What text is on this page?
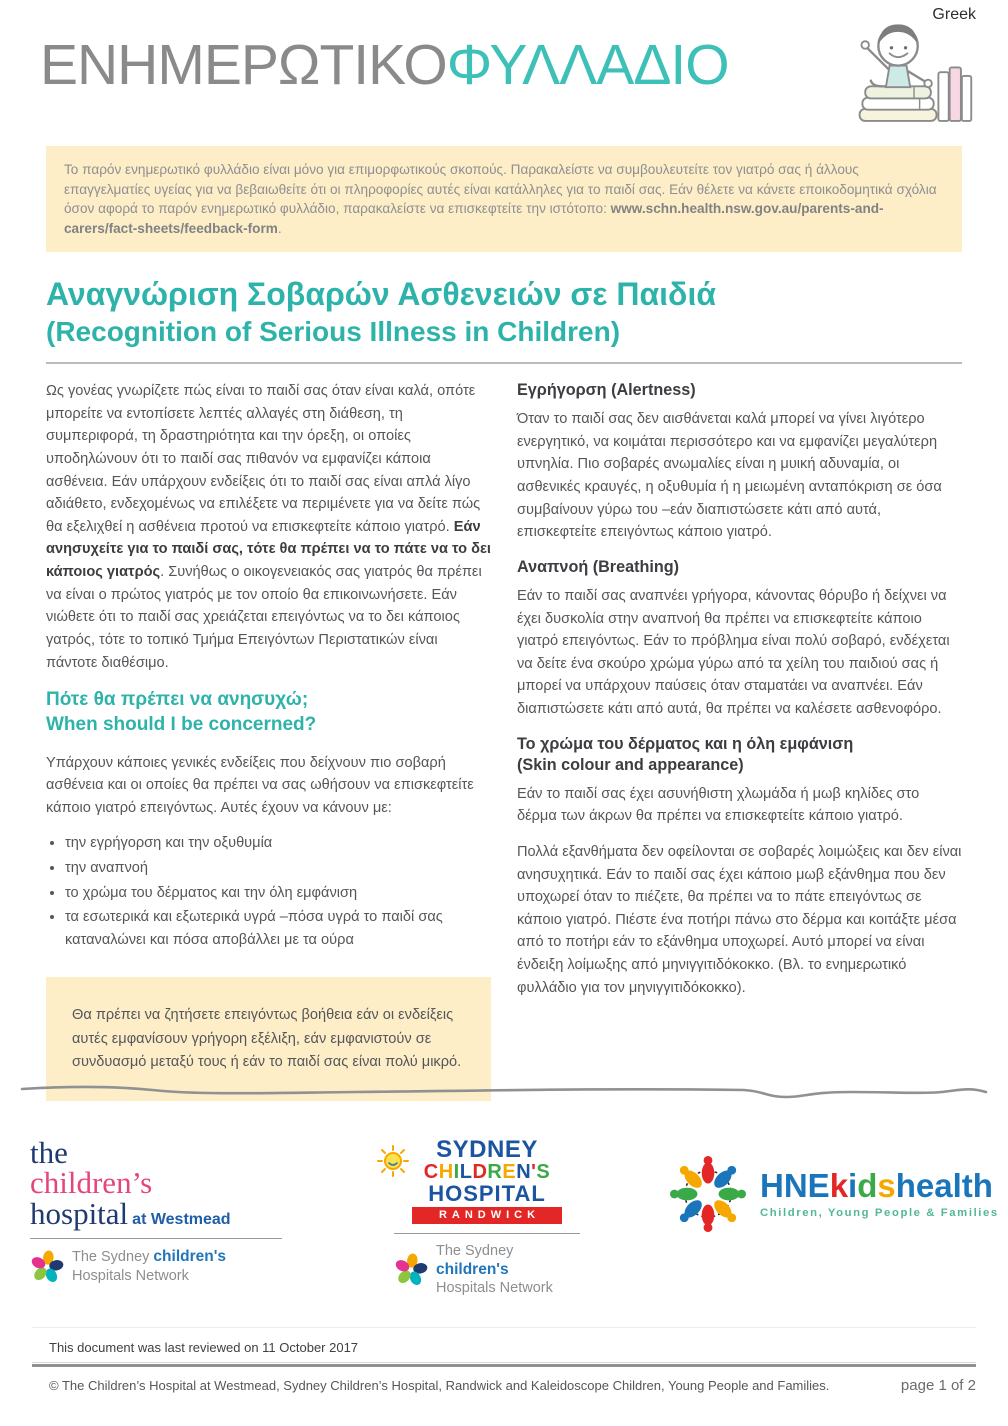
Greek
ΕΝΗΜΕΡΩΤΙΚΟΦΥΛΛΑΔΙΟ
Το παρόν ενημερωτικό φυλλάδιο είναι μόνο για επιμορφωτικούς σκοπούς. Παρακαλείστε να συμβουλευτείτε τον γιατρό σας ή άλλους επαγγελματίες υγείας για να βεβαιωθείτε ότι οι πληροφορίες αυτές είναι κατάλληλες για το παιδί σας. Εάν θέλετε να κάνετε εποικοδομητικά σχόλια όσον αφορά το παρόν ενημερωτικό φυλλάδιο, παρακαλείστε να επισκεφτείτε την ιστότοπο: www.schn.health.nsw.gov.au/parents-and-carers/fact-sheets/feedback-form.
Αναγνώριση Σοβαρών Ασθενειών σε Παιδιά
(Recognition of Serious Illness in Children)

Ως γονέας γνωρίζετε πώς είναι το παιδί σας όταν είναι καλά, οπότε μπορείτε να εντοπίσετε λεπτές αλλαγές στη διάθεση, τη συμπεριφορά, τη δραστηριότητα και την όρεξη, οι οποίες υποδηλώνουν ότι το παιδί σας πιθανόν να εμφανίζει κάποια ασθένεια. Εάν υπάρχουν ενδείξεις ότι το παιδί σας είναι απλά λίγο αδιάθετο, ενδεχομένως να επιλέξετε να περιμένετε για να δείτε πώς θα εξελιχθεί η ασθένεια προτού να επισκεφτείτε κάποιο γιατρό. Εάν ανησυχείτε για το παιδί σας, τότε θα πρέπει να το πάτε να το δει κάποιος γιατρός. Συνήθως ο οικογενειακός σας γιατρός θα πρέπει να είναι ο πρώτος γιατρός με τον οποίο θα επικοινωνήσετε. Εάν νιώθετε ότι το παιδί σας χρειάζεται επειγόντως να το δει κάποιος γατρός, τότε το τοπικό Τμήμα Επειγόντων Περιστατικών είναι πάντοτε διαθέσιμο.

Πότε θα πρέπει να ανησυχώ;
When should I be concerned?

Υπάρχουν κάποιες γενικές ενδείξεις που δείχνουν πιο σοβαρή ασθένεια και οι οποίες θα πρέπει να σας ωθήσουν να επισκεφτείτε κάποιο γιατρό επειγόντως. Αυτές έχουν να κάνουν με:

• την εγρήγορση και την οξυθυμία
• την αναπνοή
• το χρώμα του δέρματος και την όλη εμφάνιση
• τα εσωτερικά και εξωτερικά υγρά –πόσα υγρά το παιδί σας καταναλώνει και πόσα αποβάλλει με τα ούρα
Θα πρέπει να ζητήσετε επειγόντως βοήθεια εάν οι ενδείξεις αυτές εμφανίσουν γρήγορη εξέλιξη, εάν εμφανιστούν σε συνδυασμό μεταξύ τους ή εάν το παιδί σας είναι πολύ μικρό.
Εγρήγορση (Alertness)

Όταν το παιδί σας δεν αισθάνεται καλά μπορεί να γίνει λιγότερο ενεργητικό, να κοιμάται περισσότερο και να εμφανίζει μεγαλύτερη υπνηλία. Πιο σοβαρές ανωμαλίες είναι η μυική αδυναμία, οι ασθενικές κραυγές, η οξυθυμία ή η μειωμένη ανταπόκριση σε όσα συμβαίνουν γύρω του –εάν διαπιστώσετε κάτι από αυτά, επισκεφτείτε επειγόντως κάποιο γιατρό.

Αναπνοή (Breathing)

Εάν το παιδί σας αναπνέει γρήγορα, κάνοντας θόρυβο ή δείχνει να έχει δυσκολία στην αναπνοή θα πρέπει να επισκεφτείτε κάποιο γιατρό επειγόντως. Εάν το πρόβλημα είναι πολύ σοβαρό, ενδέχεται να δείτε ένα σκούρο χρώμα γύρω από τα χείλη του παιδιού σας ή μπορεί να υπάρχουν παύσεις όταν σταματάει να αναπνέει. Εάν διαπιστώσετε κάτι από αυτά, θα πρέπει να καλέσετε ασθενοφόρο.

Το χρώμα του δέρματος και η όλη εμφάνιση
(Skin colour and appearance)

Εάν το παιδί σας έχει ασυνήθιστη χλωμάδα ή μωβ κηλίδες στο δέρμα των άκρων θα πρέπει να επισκεφτείτε κάποιο γιατρό.

Πολλά εξανθήματα δεν οφείλονται σε σοβαρές λοιμώξεις και δεν είναι ανησυχητικά. Εάν το παιδί σας έχει κάποιο μωβ εξάνθημα που δεν υποχωρεί όταν το πιέζετε, θα πρέπει να το πάτε επειγόντως σε κάποιο γιατρό. Πιέστε ένα ποτήρι πάνω στο δέρμα και κοιτάξτε μέσα από το ποτήρι εάν το εξάνθημα υποχωρεί. Αυτό μπορεί να είναι ένδειξη λοίμωξης από μηνιγγιτιδόκοκκο. (Βλ. το ενημερωτικό φυλλάδιο για τον μηνιγγιτιδόκοκκο).

the
children’s
hospital at Westmead
The Sydney children's
Hospitals Network
SYDNEY
CHILDREN'S
HOSPITAL
RANDWICK
The Sydney children's
Hospitals Network
HNEkidshealth
Children, Young People & Families
This document was last reviewed on 11 October 2017
© The Children’s Hospital at Westmead, Sydney Children’s Hospital, Randwick and Kaleidoscope Children, Young People and Families.	page 1 of 2
